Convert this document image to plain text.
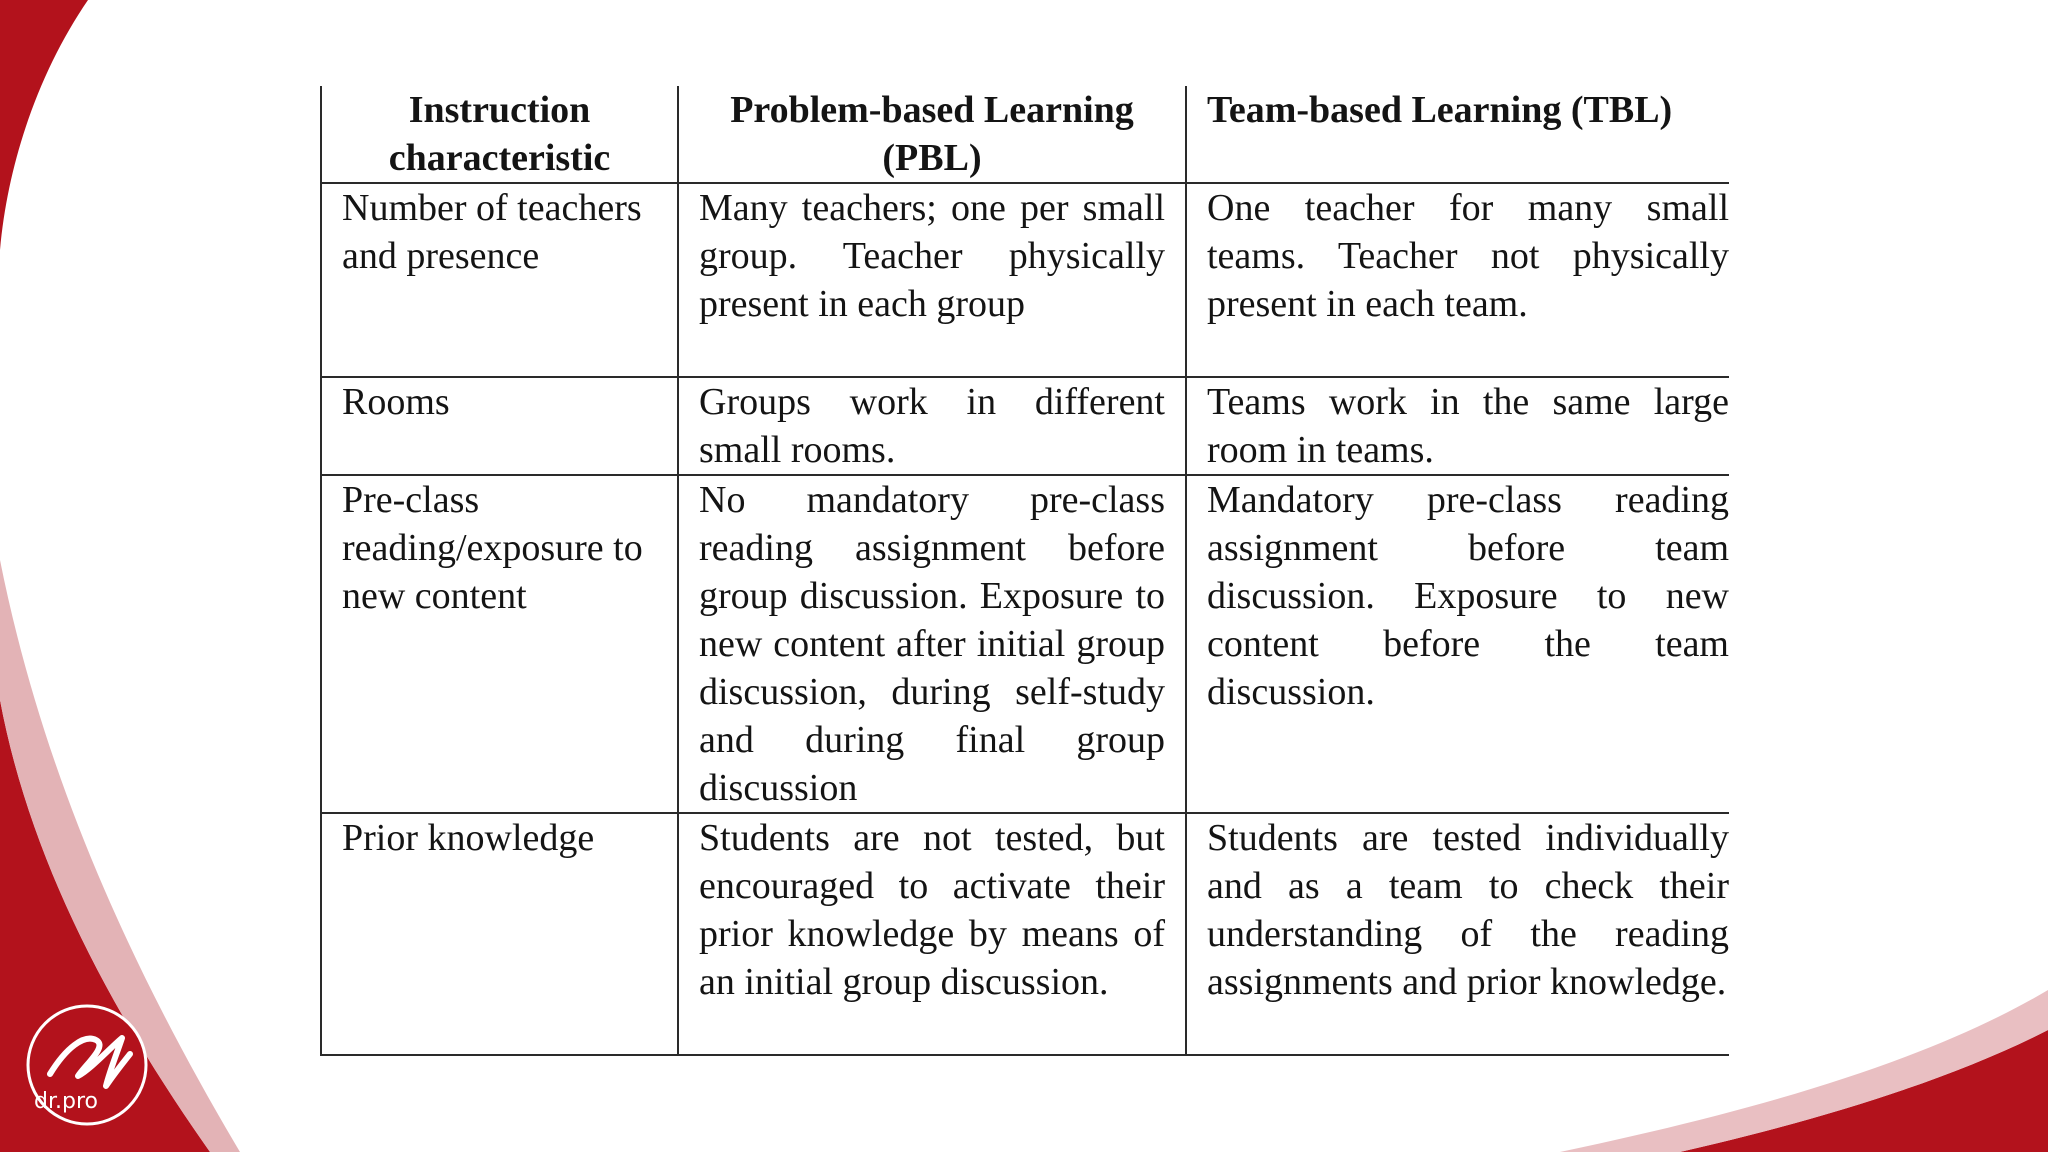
Instruction characteristic	Problem-based Learning (PBL)	Team-based Learning (TBL)
Number of teachers and presence	Many teachers; one per small group. Teacher physically present in each group	One teacher for many small teams. Teacher not physically present in each team.
Rooms	Groups work in different small rooms.	Teams work in the same large room in teams.
Pre-class reading/exposure to new content	No mandatory pre-class reading assignment before group discussion. Exposure to new content after initial group discussion, during self-study and during final group discussion	Mandatory pre-class reading assignment before team discussion. Exposure to new content before the team discussion.
Prior knowledge	Students are not tested, but encouraged to activate their prior knowledge by means of an initial group discussion.	Students are tested individually and as a team to check their understanding of the reading assignments and prior knowledge.
dr.pro
